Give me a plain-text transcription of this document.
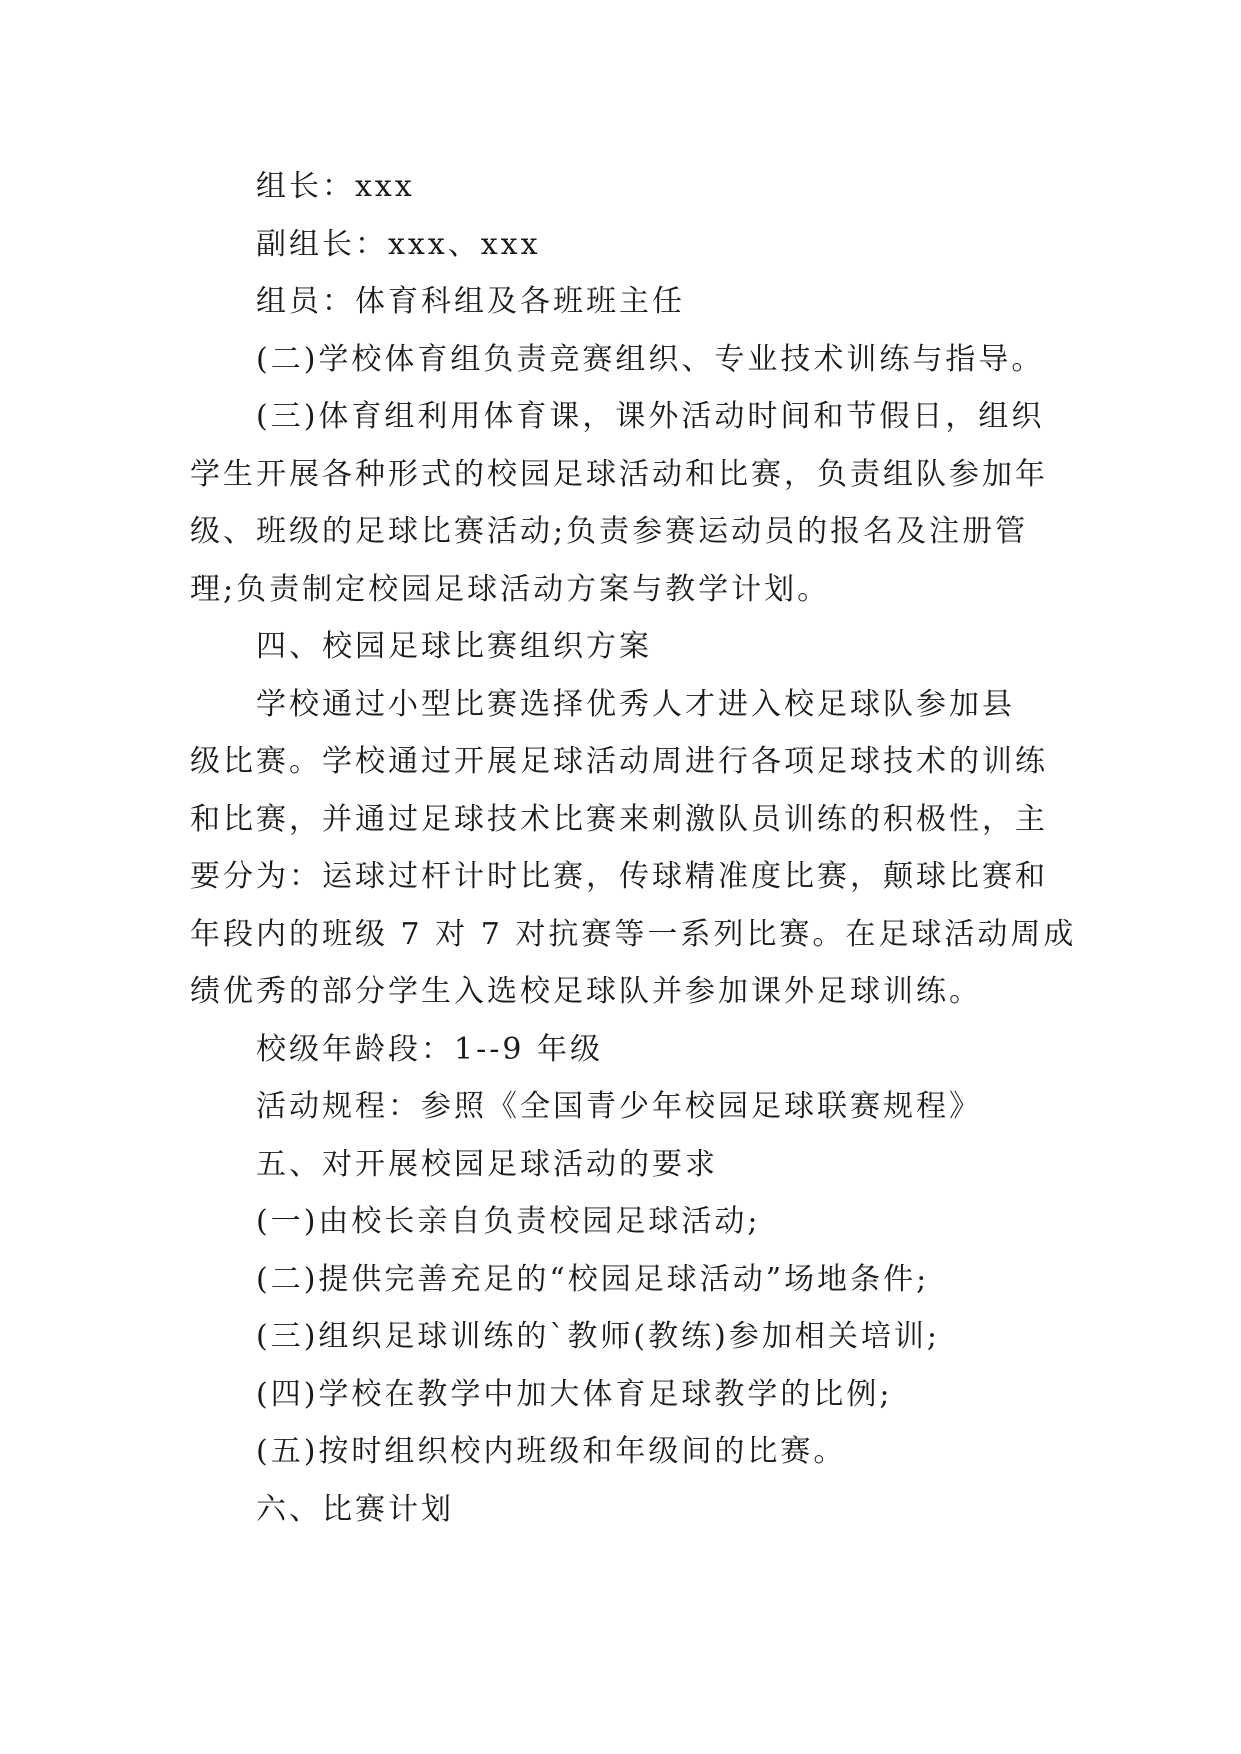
组长：xxx
副组长：xxx、xxx
组员：体育科组及各班班主任
(二)学校体育组负责竞赛组织、专业技术训练与指导。
(三)体育组利用体育课，课外活动时间和节假日，组织
学生开展各种形式的校园足球活动和比赛，负责组队参加年
级、班级的足球比赛活动;负责参赛运动员的报名及注册管
理;负责制定校园足球活动方案与教学计划。
四、校园足球比赛组织方案
学校通过小型比赛选择优秀人才进入校足球队参加县
级比赛。学校通过开展足球活动周进行各项足球技术的训练
和比赛，并通过足球技术比赛来刺激队员训练的积极性，主
要分为：运球过杆计时比赛，传球精准度比赛，颠球比赛和
年段内的班级 7 对 7 对抗赛等一系列比赛。在足球活动周成
绩优秀的部分学生入选校足球队并参加课外足球训练。
校级年龄段：1--9 年级
活动规程：参照《全国青少年校园足球联赛规程》
五、对开展校园足球活动的要求
(一)由校长亲自负责校园足球活动;
(二)提供完善充足的“校园足球活动”场地条件;
(三)组织足球训练的`教师(教练)参加相关培训;
(四)学校在教学中加大体育足球教学的比例;
(五)按时组织校内班级和年级间的比赛。
六、比赛计划
